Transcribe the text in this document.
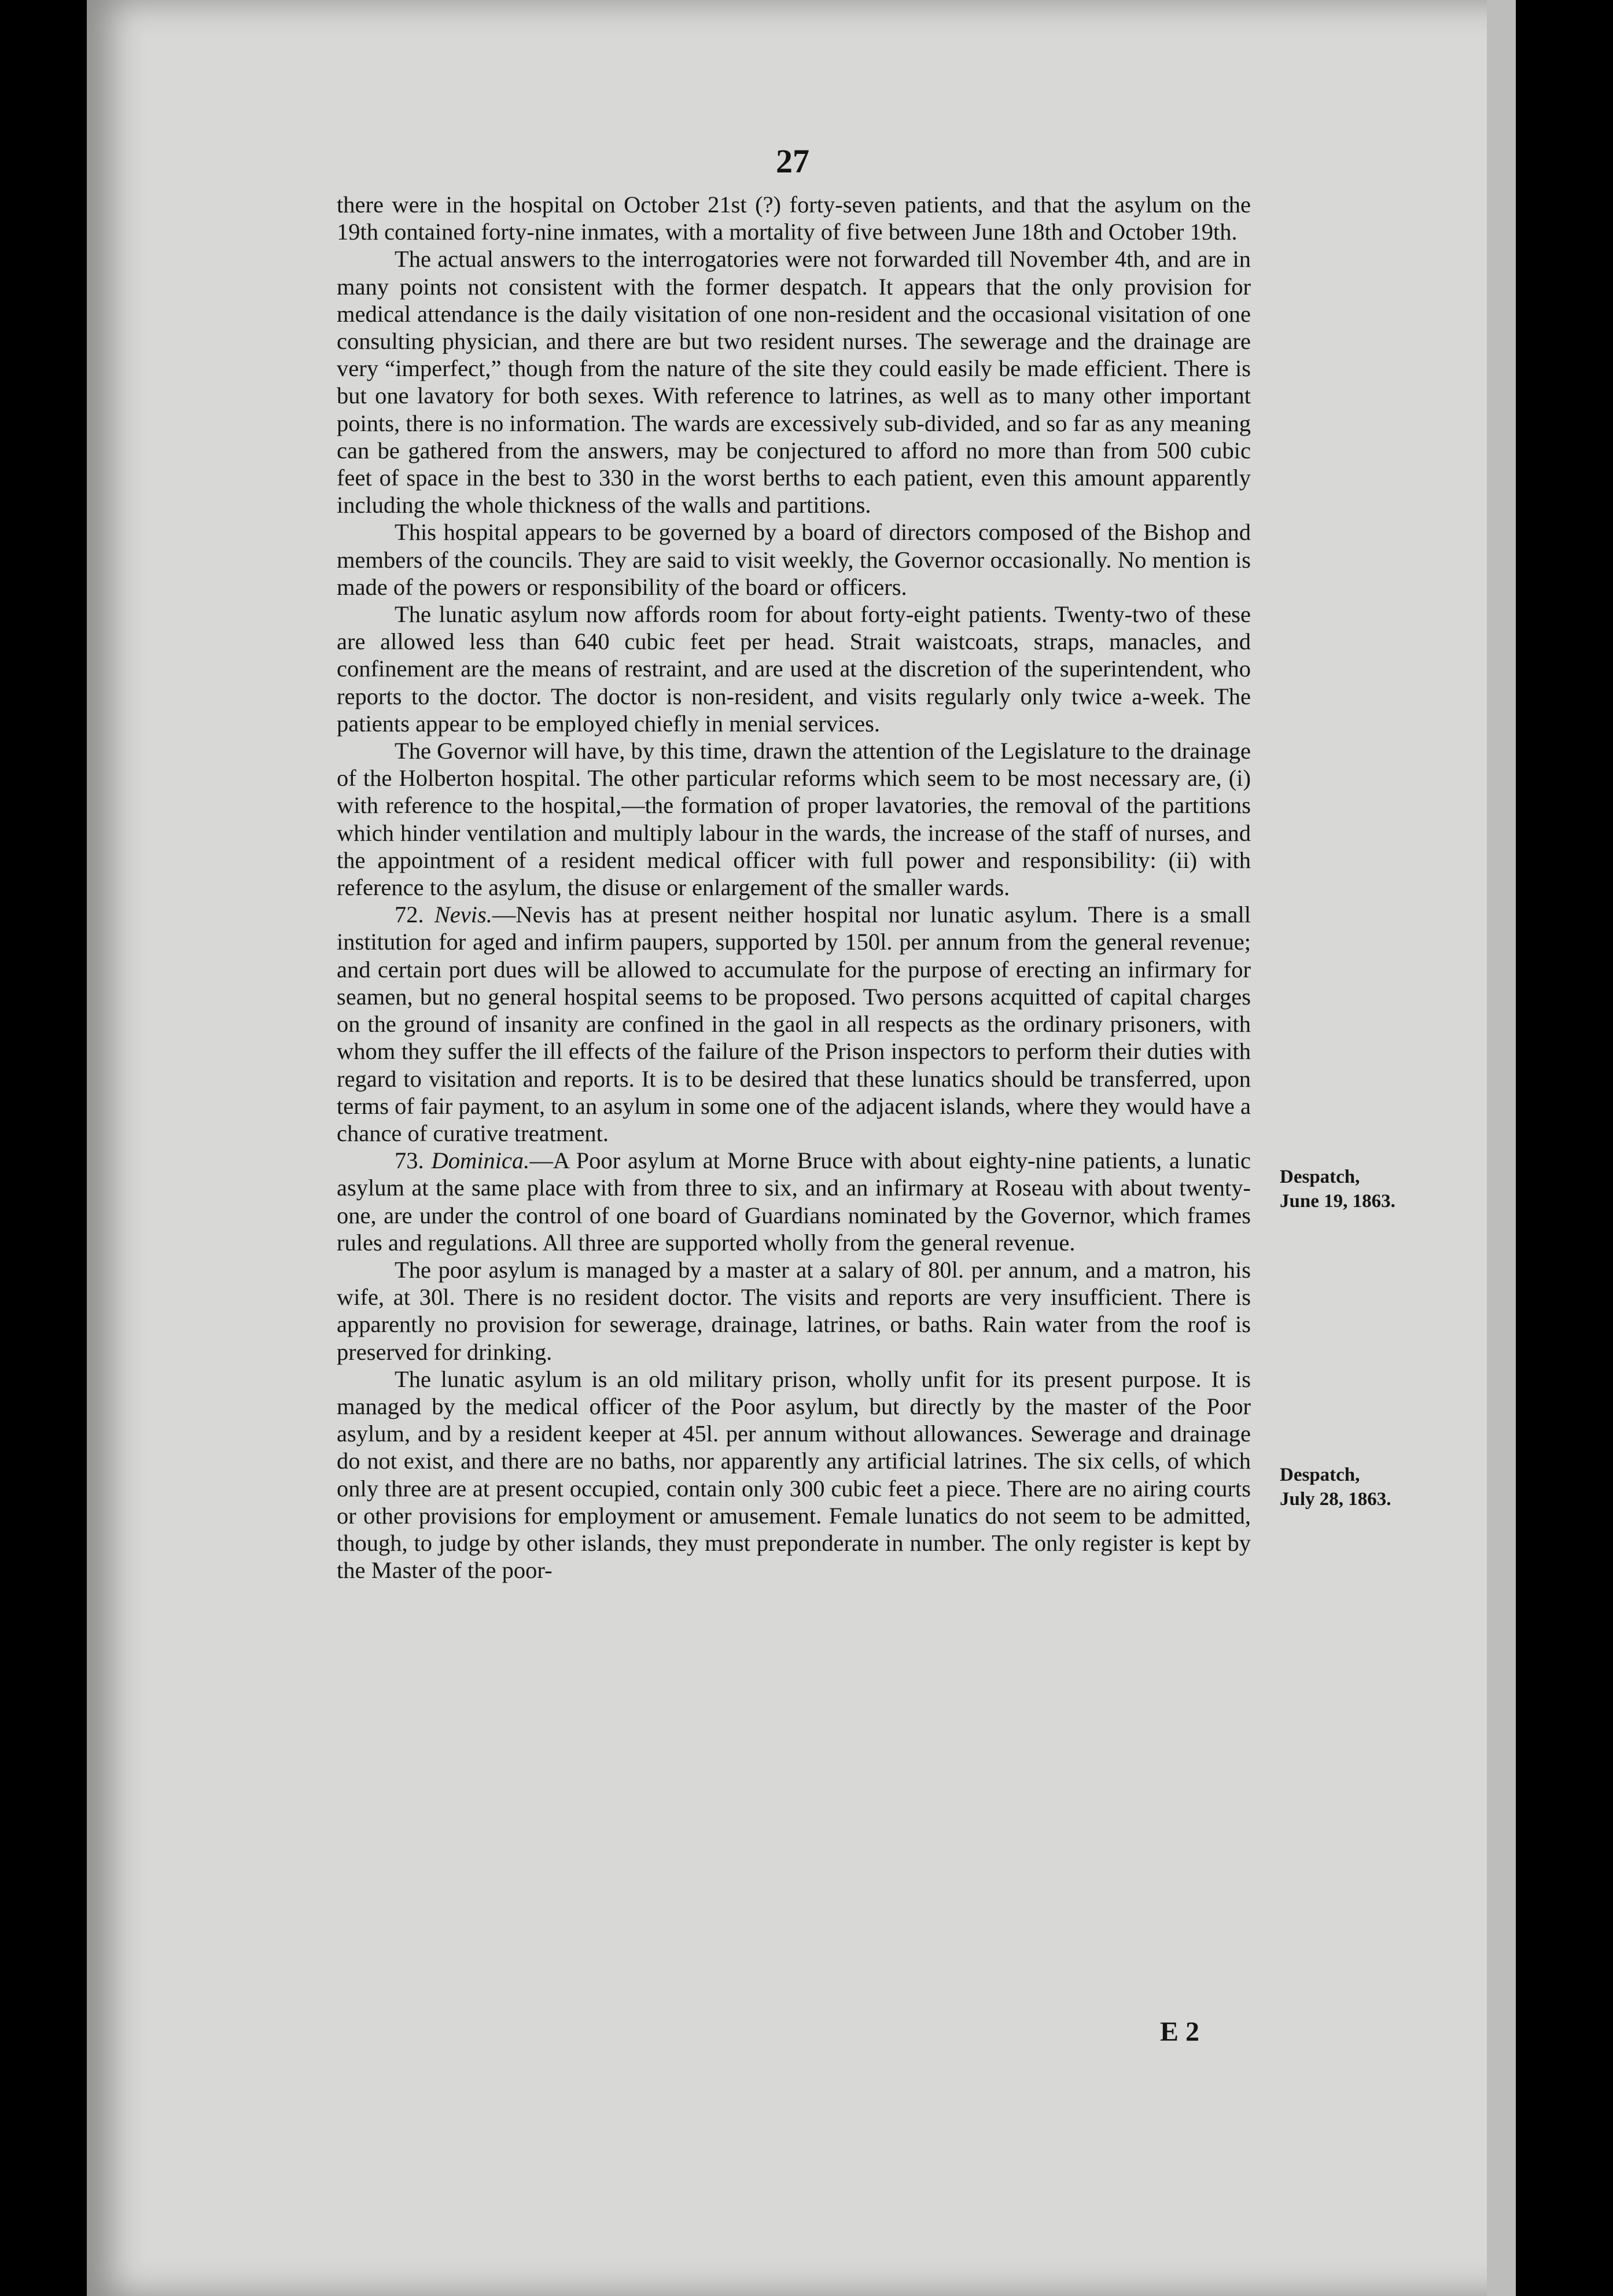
27

there were in the hospital on October 21st (?) forty-seven patients, and that the asylum on the 19th contained forty-nine inmates, with a mortality of five between June 18th and October 19th.

The actual answers to the interrogatories were not forwarded till November 4th, and are in many points not consistent with the former despatch. It appears that the only provision for medical attendance is the daily visitation of one non-resident and the occasional visitation of one consulting physician, and there are but two resident nurses. The sewerage and the drainage are very “imperfect,” though from the nature of the site they could easily be made efficient. There is but one lavatory for both sexes. With reference to latrines, as well as to many other important points, there is no information. The wards are excessively sub-divided, and so far as any meaning can be gathered from the answers, may be conjectured to afford no more than from 500 cubic feet of space in the best to 330 in the worst berths to each patient, even this amount apparently including the whole thickness of the walls and partitions.

This hospital appears to be governed by a board of directors composed of the Bishop and members of the councils. They are said to visit weekly, the Governor occasionally. No mention is made of the powers or responsibility of the board or officers.

The lunatic asylum now affords room for about forty-eight patients. Twenty-two of these are allowed less than 640 cubic feet per head. Strait waistcoats, straps, manacles, and confinement are the means of restraint, and are used at the discretion of the superintendent, who reports to the doctor. The doctor is non-resident, and visits regularly only twice a-week. The patients appear to be employed chiefly in menial services.

The Governor will have, by this time, drawn the attention of the Legislature to the drainage of the Holberton hospital. The other particular reforms which seem to be most necessary are, (i) with reference to the hospital,—the formation of proper lavatories, the removal of the partitions which hinder ventilation and multiply labour in the wards, the increase of the staff of nurses, and the appointment of a resident medical officer with full power and responsibility: (ii) with reference to the asylum, the disuse or enlargement of the smaller wards.

72. Nevis.—Nevis has at present neither hospital nor lunatic asylum. There is a small institution for aged and infirm paupers, supported by 150l. per annum from the general revenue; and certain port dues will be allowed to accumulate for the purpose of erecting an infirmary for seamen, but no general hospital seems to be proposed. Two persons acquitted of capital charges on the ground of insanity are confined in the gaol in all respects as the ordinary prisoners, with whom they suffer the ill effects of the failure of the Prison inspectors to perform their duties with regard to visitation and reports. It is to be desired that these lunatics should be transferred, upon terms of fair payment, to an asylum in some one of the adjacent islands, where they would have a chance of curative treatment.

73. Dominica.—A Poor asylum at Morne Bruce with about eighty-nine patients, a lunatic asylum at the same place with from three to six, and an infirmary at Roseau with about twenty-one, are under the control of one board of Guardians nominated by the Governor, which frames rules and regulations. All three are supported wholly from the general revenue.

The poor asylum is managed by a master at a salary of 80l. per annum, and a matron, his wife, at 30l. There is no resident doctor. The visits and reports are very insufficient. There is apparently no provision for sewerage, drainage, latrines, or baths. Rain water from the roof is preserved for drinking.

The lunatic asylum is an old military prison, wholly unfit for its present purpose. It is managed by the medical officer of the Poor asylum, but directly by the master of the Poor asylum, and by a resident keeper at 45l. per annum without allowances. Sewerage and drainage do not exist, and there are no baths, nor apparently any artificial latrines. The six cells, of which only three are at present occupied, contain only 300 cubic feet a piece. There are no airing courts or other provisions for employment or amusement. Female lunatics do not seem to be admitted, though, to judge by other islands, they must preponderate in number. The only register is kept by the Master of the poor-

Despatch,
June 19, 1863.
Despatch,
July 28, 1863.
E 2
